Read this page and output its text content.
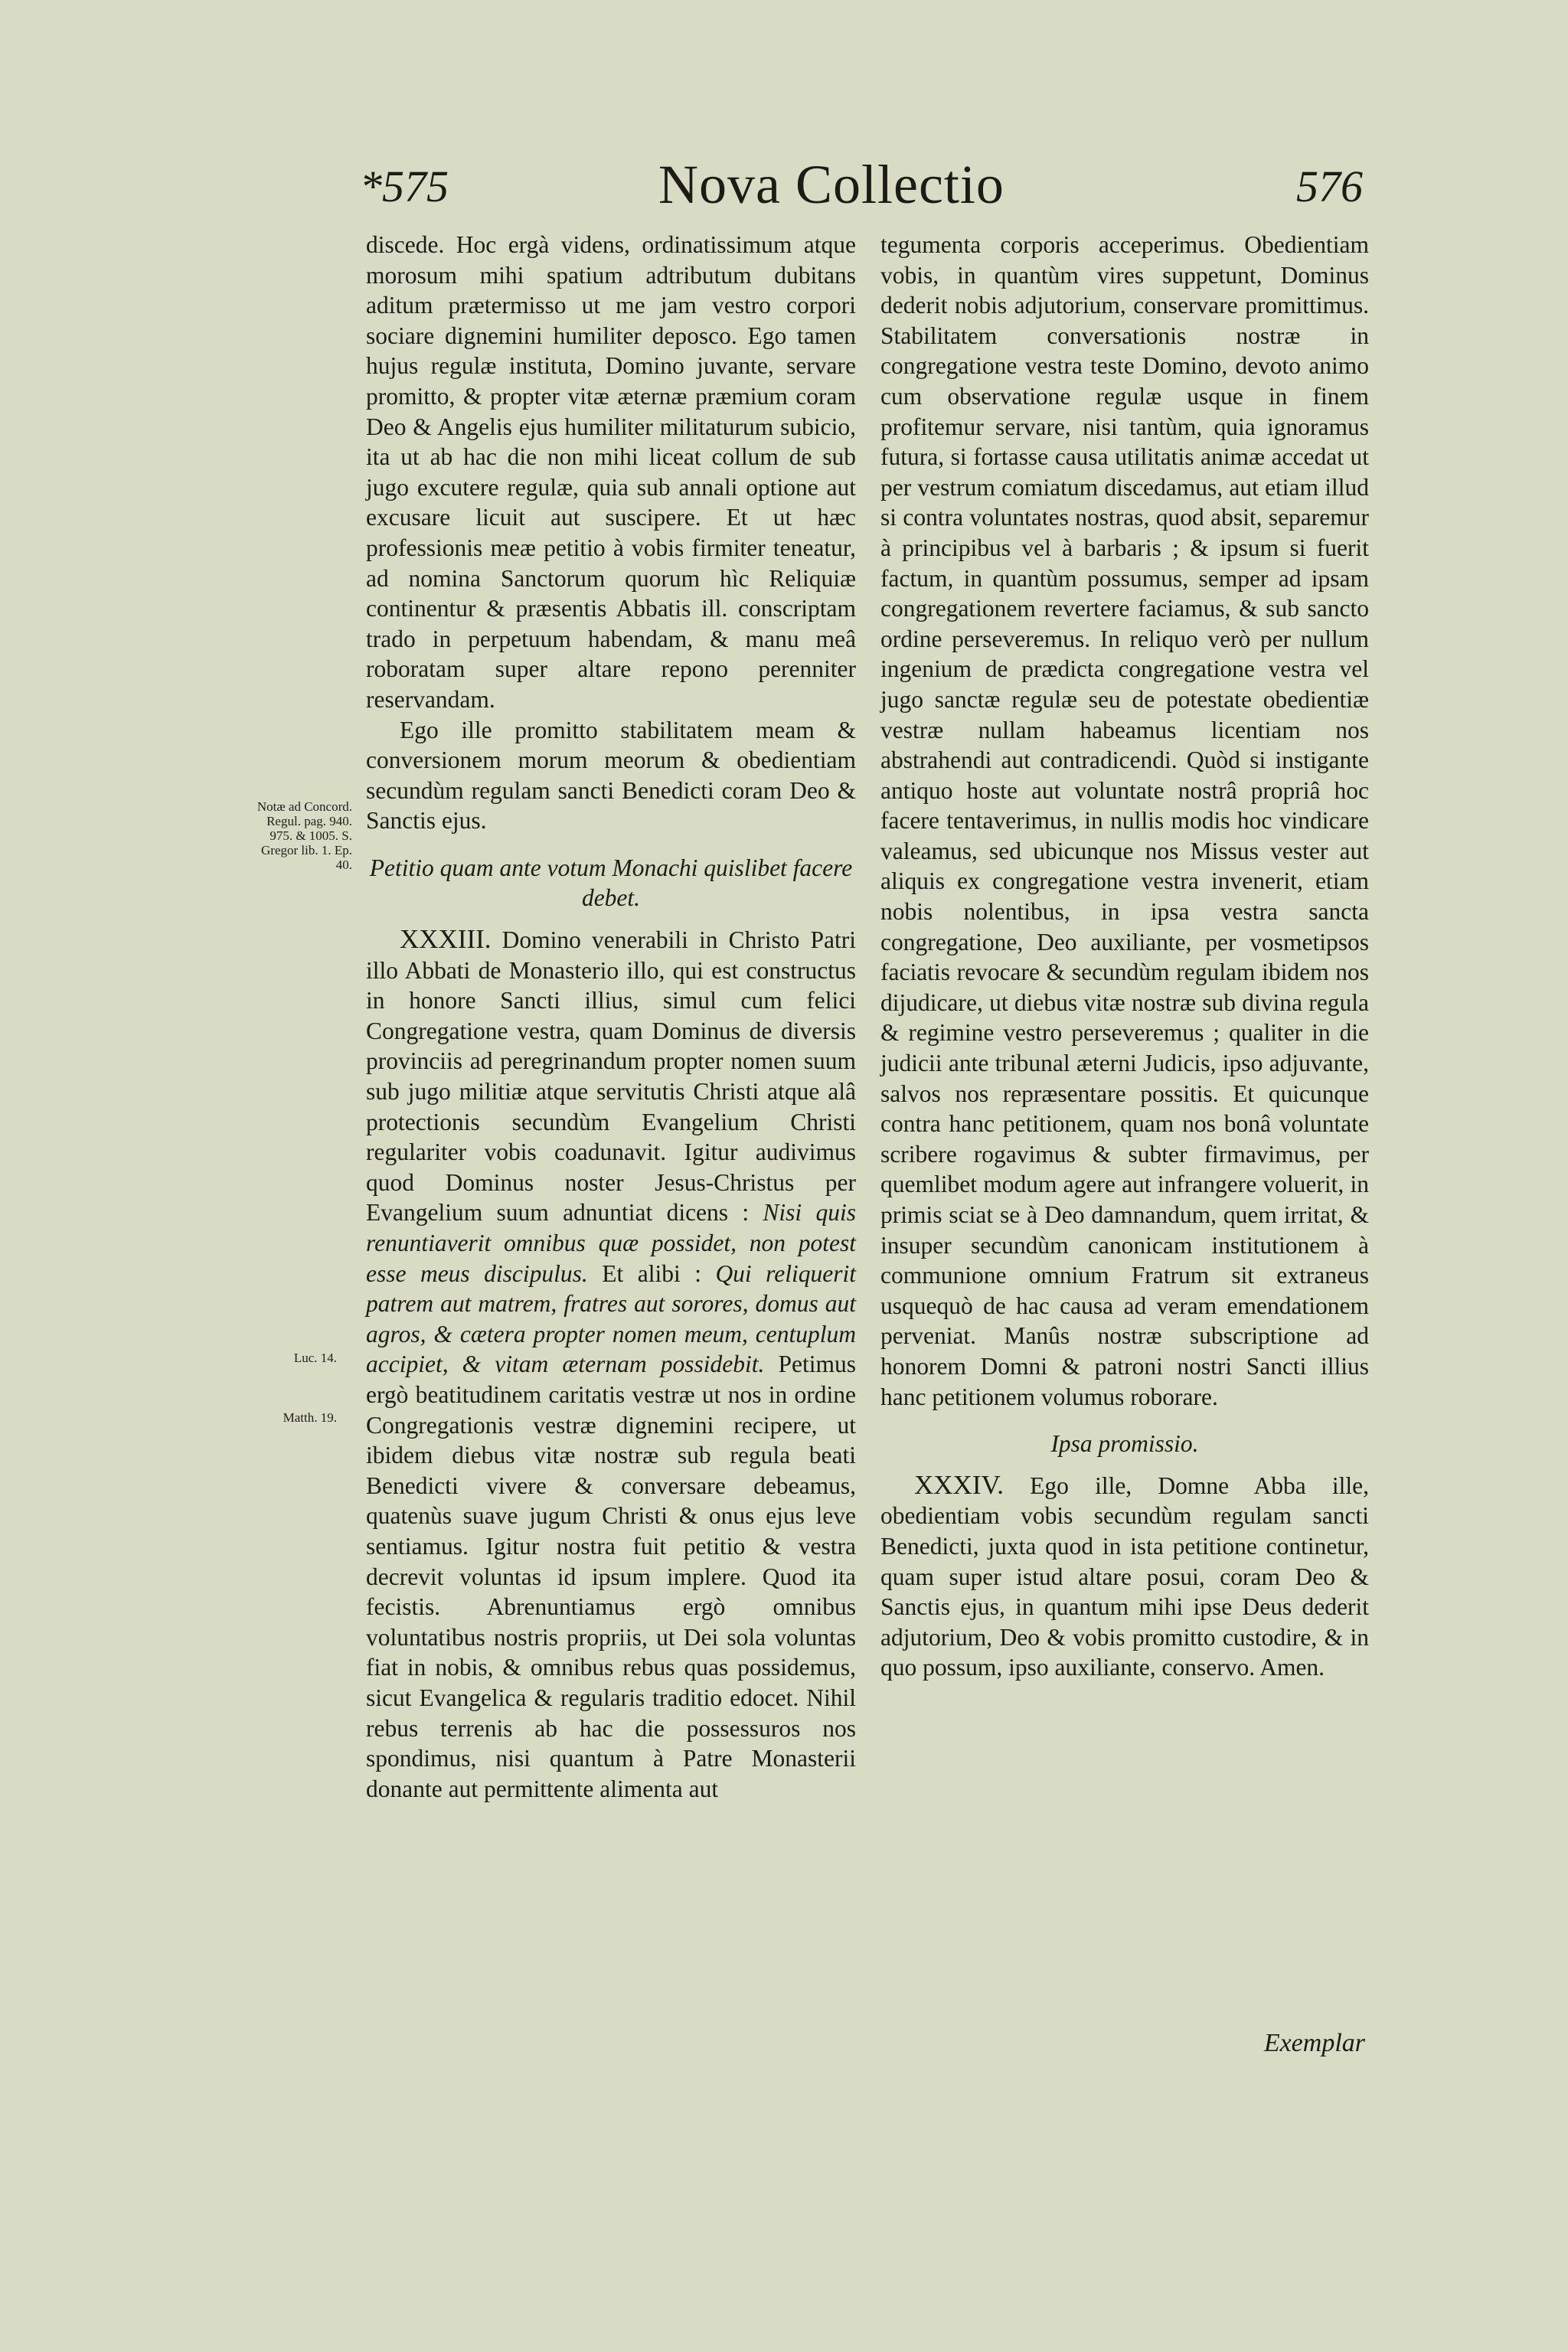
*575	Nova Collectio	576
Notæ ad Concord. Regul. pag. 940. 975. & 1005. S. Gregor lib. 1. Ep. 40.
Luc. 14.
Matth. 19.

discede. Hoc ergà videns, ordinatissimum atque morosum mihi spatium adtributum dubitans aditum prætermisso ut me jam vestro corpori sociare dignemini humiliter deposco. Ego tamen hujus regulæ instituta, Domino juvante, servare promitto, & propter vitæ æternæ præmium coram Deo & Angelis ejus humiliter militaturum subicio, ita ut ab hac die non mihi liceat collum de sub jugo excutere regulæ, quia sub annali optione aut excusare licuit aut suscipere. Et ut hæc professionis meæ petitio à vobis firmiter teneatur, ad nomina Sanctorum quorum hìc Reliquiæ continentur & præsentis Abbatis ill. conscriptam trado in perpetuum habendam, & manu meâ roboratam super altare repono perenniter reservandam.

Ego ille promitto stabilitatem meam & conversionem morum meorum & obedientiam secundùm regulam sancti Benedicti coram Deo & Sanctis ejus.

Petitio quam ante votum Monachi quislibet facere debet.

XXXIII. Domino venerabili in Christo Patri illo Abbati de Monasterio illo, qui est constructus in honore Sancti illius, simul cum felici Congregatione vestra, quam Dominus de diversis provinciis ad peregrinandum propter nomen suum sub jugo militiæ atque servitutis Christi atque alâ protectionis secundùm Evangelium Christi regulariter vobis coadunavit. Igitur audivimus quod Dominus noster Jesus-Christus per Evangelium suum adnuntiat dicens : Nisi quis renuntiaverit omnibus quæ possidet, non potest esse meus discipulus. Et alibi : Qui reliquerit patrem aut matrem, fratres aut sorores, domus aut agros, & cætera propter nomen meum, centuplum accipiet, & vitam æternam possidebit. Petimus ergò beatitudinem caritatis vestræ ut nos in ordine Congregationis vestræ dignemini recipere, ut ibidem diebus vitæ nostræ sub regula beati Benedicti vivere & conversare debeamus, quatenùs suave jugum Christi & onus ejus leve sentiamus. Igitur nostra fuit petitio & vestra decrevit voluntas id ipsum implere. Quod ita fecistis. Abrenuntiamus ergò omnibus voluntatibus nostris propriis, ut Dei sola voluntas fiat in nobis, & omnibus rebus quas possidemus, sicut Evangelica & regularis traditio edocet. Nihil rebus terrenis ab hac die possessuros nos spondimus, nisi quantum à Patre Monasterii donante aut permittente alimenta aut

tegumenta corporis acceperimus. Obedientiam vobis, in quantùm vires suppetunt, Dominus dederit nobis adjutorium, conservare promittimus. Stabilitatem conversationis nostræ in congregatione vestra teste Domino, devoto animo cum observatione regulæ usque in finem profitemur servare, nisi tantùm, quia ignoramus futura, si fortasse causa utilitatis animæ accedat ut per vestrum comiatum discedamus, aut etiam illud si contra voluntates nostras, quod absit, separemur à principibus vel à barbaris ; & ipsum si fuerit factum, in quantùm possumus, semper ad ipsam congregationem revertere faciamus, & sub sancto ordine perseveremus. In reliquo verò per nullum ingenium de prædicta congregatione vestra vel jugo sanctæ regulæ seu de potestate obedientiæ vestræ nullam habeamus licentiam nos abstrahendi aut contradicendi. Quòd si instigante antiquo hoste aut voluntate nostrâ propriâ hoc facere tentaverimus, in nullis modis hoc vindicare valeamus, sed ubicunque nos Missus vester aut aliquis ex congregatione vestra invenerit, etiam nobis nolentibus, in ipsa vestra sancta congregatione, Deo auxiliante, per vosmetipsos faciatis revocare & secundùm regulam ibidem nos dijudicare, ut diebus vitæ nostræ sub divina regula & regimine vestro perseveremus ; qualiter in die judicii ante tribunal æterni Judicis, ipso adjuvante, salvos nos repræsentare possitis. Et quicunque contra hanc petitionem, quam nos bonâ voluntate scribere rogavimus & subter firmavimus, per quemlibet modum agere aut infrangere voluerit, in primis sciat se à Deo damnandum, quem irritat, & insuper secundùm canonicam institutionem à communione omnium Fratrum sit extraneus usquequò de hac causa ad veram emendationem perveniat. Manûs nostræ subscriptione ad honorem Domni & patroni nostri Sancti illius hanc petitionem volumus roborare.

Ipsa promissio.

XXXIV. Ego ille, Domne Abba ille, obedientiam vobis secundùm regulam sancti Benedicti, juxta quod in ista petitione continetur, quam super istud altare posui, coram Deo & Sanctis ejus, in quantum mihi ipse Deus dederit adjutorium, Deo & vobis promitto custodire, & in quo possum, ipso auxiliante, conservo. Amen.

Exemplar
